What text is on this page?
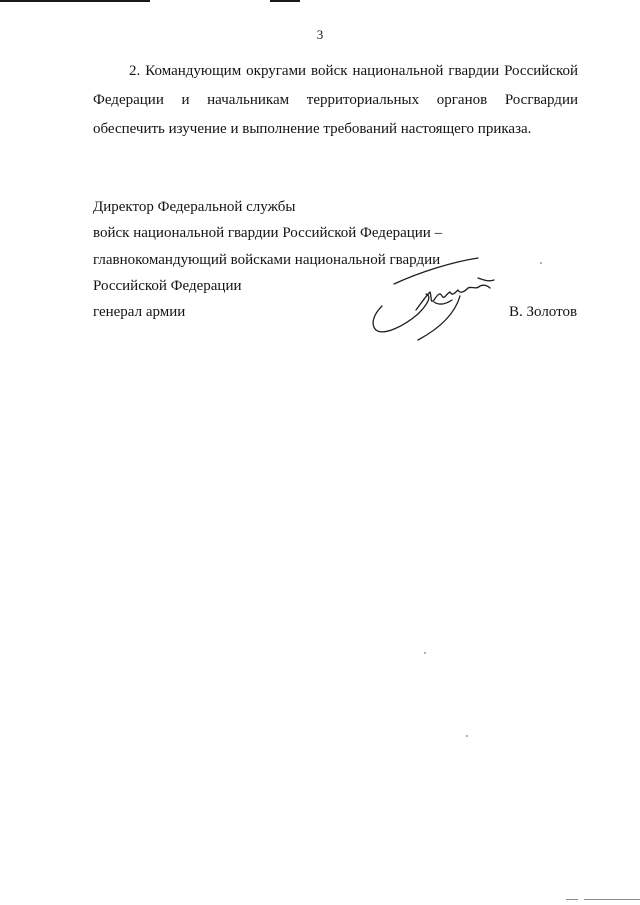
3

2. Командующим округами войск национальной гвардии Российской Федерации и начальникам территориальных органов Росгвардии обеспечить изучение и выполнение требований настоящего приказа.

Директор Федеральной службы
войск национальной гвардии Российской Федерации –
главнокомандующий войсками национальной гвардии
Российской Федерации
генерал армии	В. Золотов
